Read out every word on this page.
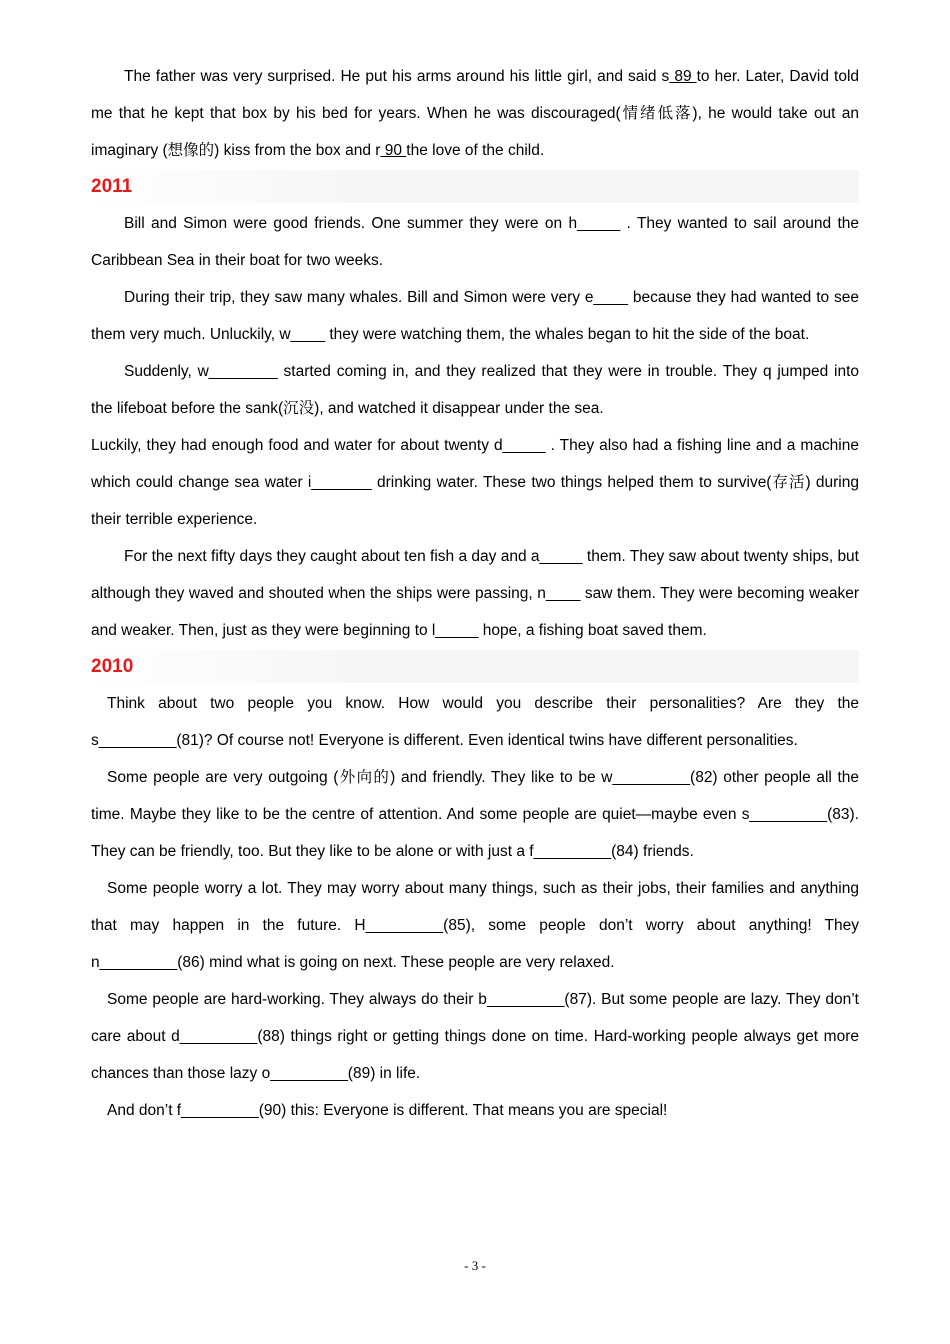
The father was very surprised. He put his arms around his little girl, and said s 89 to her. Later, David told me that he kept that box by his bed for years. When he was discouraged(情绪低落), he would take out an imaginary (想像的) kiss from the box and r 90 the love of the child.

2011

Bill and Simon were good friends. One summer they were on h_____ . They wanted to sail around the Caribbean Sea in their boat for two weeks.

During their trip, they saw many whales. Bill and Simon were very e____ because they had wanted to see them very much. Unluckily, w____ they were watching them, the whales began to hit the side of the boat.

Suddenly, w________ started coming in, and they realized that they were in trouble. They q jumped into the lifeboat before the sank(沉没), and watched it disappear under the sea.

Luckily, they had enough food and water for about twenty d_____ . They also had a fishing line and a machine which could change sea water i_______ drinking water. These two things helped them to survive(存活) during their terrible experience.

For the next fifty days they caught about ten fish a day and a_____ them. They saw about twenty ships, but although they waved and shouted when the ships were passing, n____ saw them. They were becoming weaker and weaker. Then, just as they were beginning to l_____ hope, a fishing boat saved them.

2010

Think about two people you know. How would you describe their personalities? Are they the s_________(81)? Of course not! Everyone is different. Even identical twins have different personalities.

Some people are very outgoing (外向的) and friendly. They like to be w_________(82) other people all the time. Maybe they like to be the centre of attention. And some people are quiet—maybe even s_________(83). They can be friendly, too. But they like to be alone or with just a f_________(84) friends.

Some people worry a lot. They may worry about many things, such as their jobs, their families and anything that may happen in the future. H_________(85), some people don’t worry about anything! They n_________(86) mind what is going on next. These people are very relaxed.

Some people are hard-working. They always do their b_________(87). But some people are lazy. They don’t care about d_________(88) things right or getting things done on time. Hard-working people always get more chances than those lazy o_________(89) in life.

And don’t f_________(90) this: Everyone is different. That means you are special!

- 3 -
